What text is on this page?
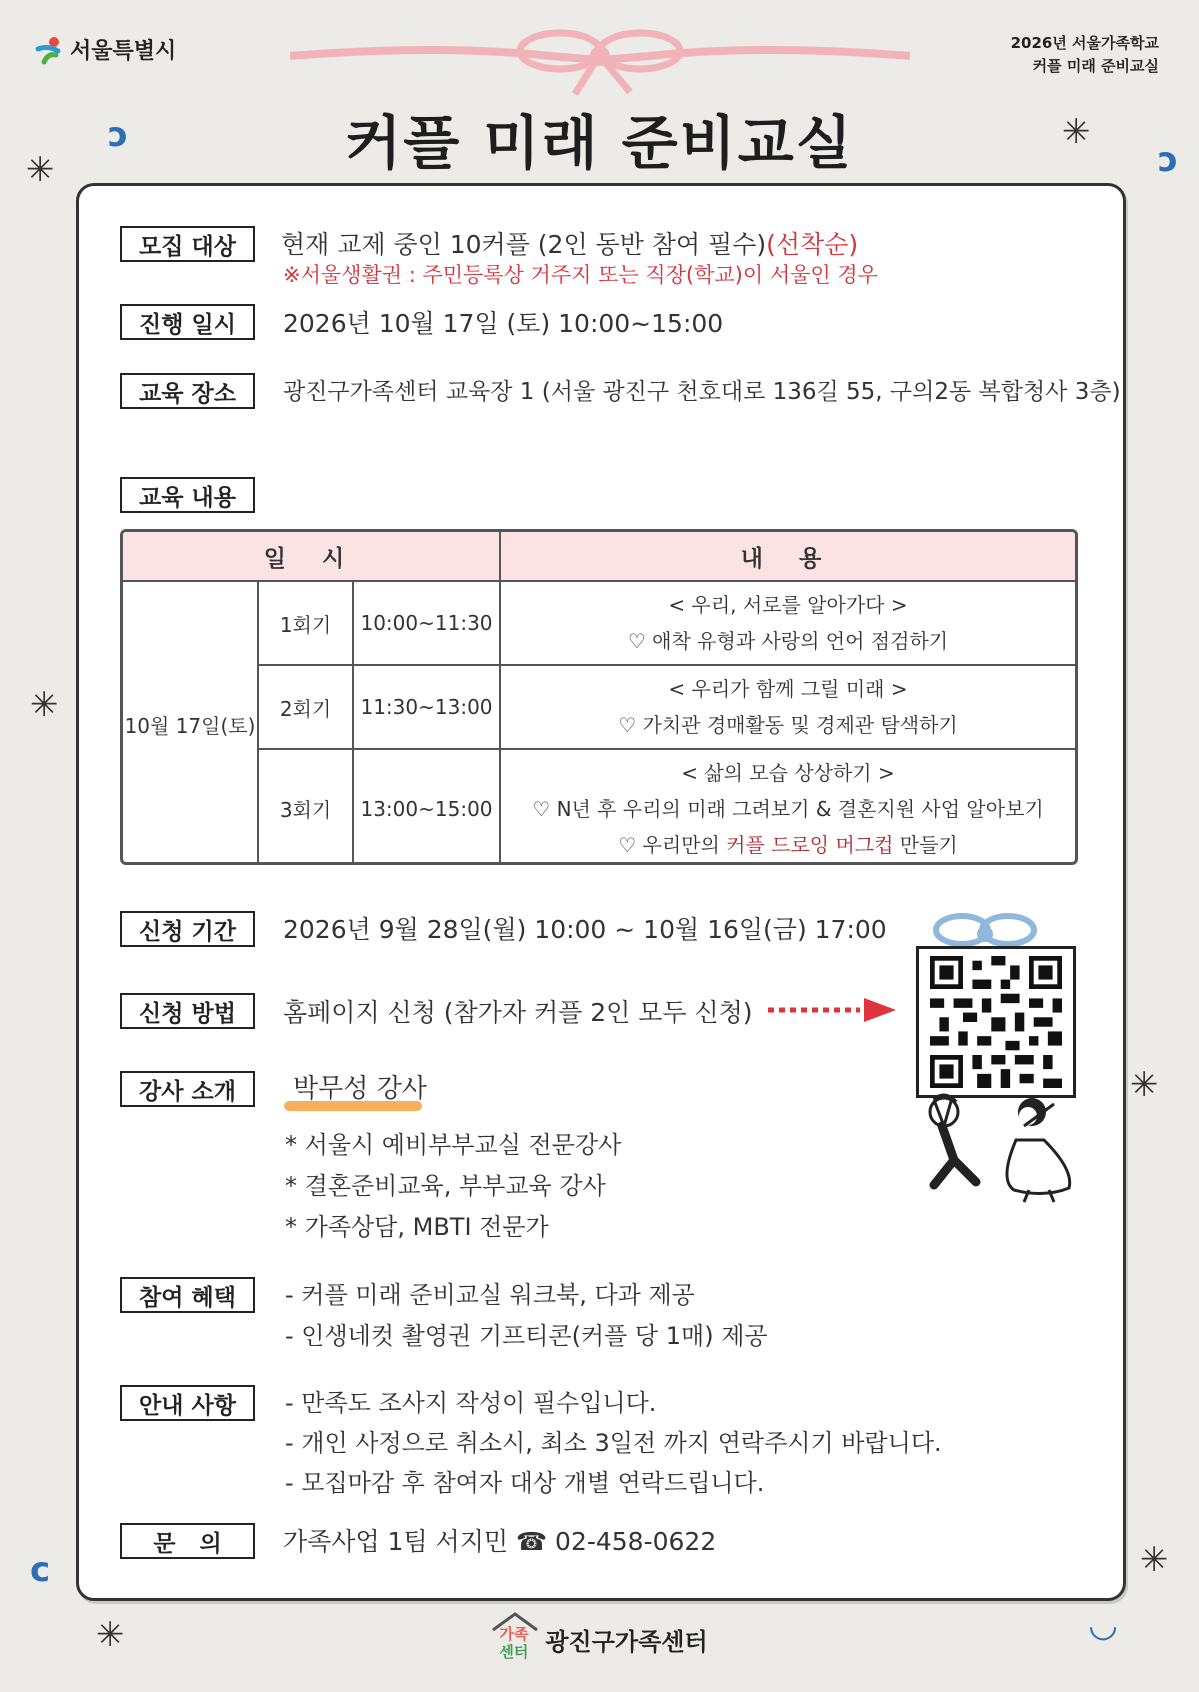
서울특별시	2026년 서울가족학교
커플 미래 준비교실
커플 미래 준비교실
✳
✳
✳
✳
✳
✳
ↄ
ↄ
c
◡
모집 대상	현재 교제 중인 10커플 (2인 동반 참여 필수)(선착순)
※서울생활권 : 주민등록상 거주지 또는 직장(학교)이 서울인 경우
진행 일시	2026년 10월 17일 (토) 10:00~15:00
교육 장소	광진구가족센터 교육장 1 (서울 광진구 천호대로 136길 55, 구의2동 복합청사 3층)
교육 내용
일 시			내 용
10월 17일(토)	1회기	10:00~11:30	< 우리, 서로를 알아가다 >
♡ 애착 유형과 사랑의 언어 점검하기

	2회기	11:30~13:00	< 우리가 함께 그릴 미래 >
♡ 가치관 경매활동 및 경제관 탐색하기

	3회기	13:00~15:00	< 삶의 모습 상상하기 >
♡ N년 후 우리의 미래 그려보기 & 결혼지원 사업 알아보기
♡ 우리만의 커플 드로잉 머그컵 만들기
신청 기간	2026년 9월 28일(월) 10:00 ~ 10월 16일(금) 17:00
신청 방법	홈페이지 신청 (참가자 커플 2인 모두 신청)
강사 소개	박무성 강사
* 서울시 예비부부교실 전문강사
* 결혼준비교육, 부부교육 강사
* 가족상담, MBTI 전문가
참여 혜택	- 커플 미래 준비교실 워크북, 다과 제공
- 인생네컷 촬영권 기프티콘(커플 당 1매) 제공
안내 사항	- 만족도 조사지 작성이 필수입니다.
- 개인 사정으로 취소시, 최소 3일전 까지 연락주시기 바랍니다.
- 모집마감 후 참여자 대상 개별 연락드립니다.
문   의	가족사업 1팀 서지민 ☎ 02-458-0622
가족
센터 광진구가족센터
